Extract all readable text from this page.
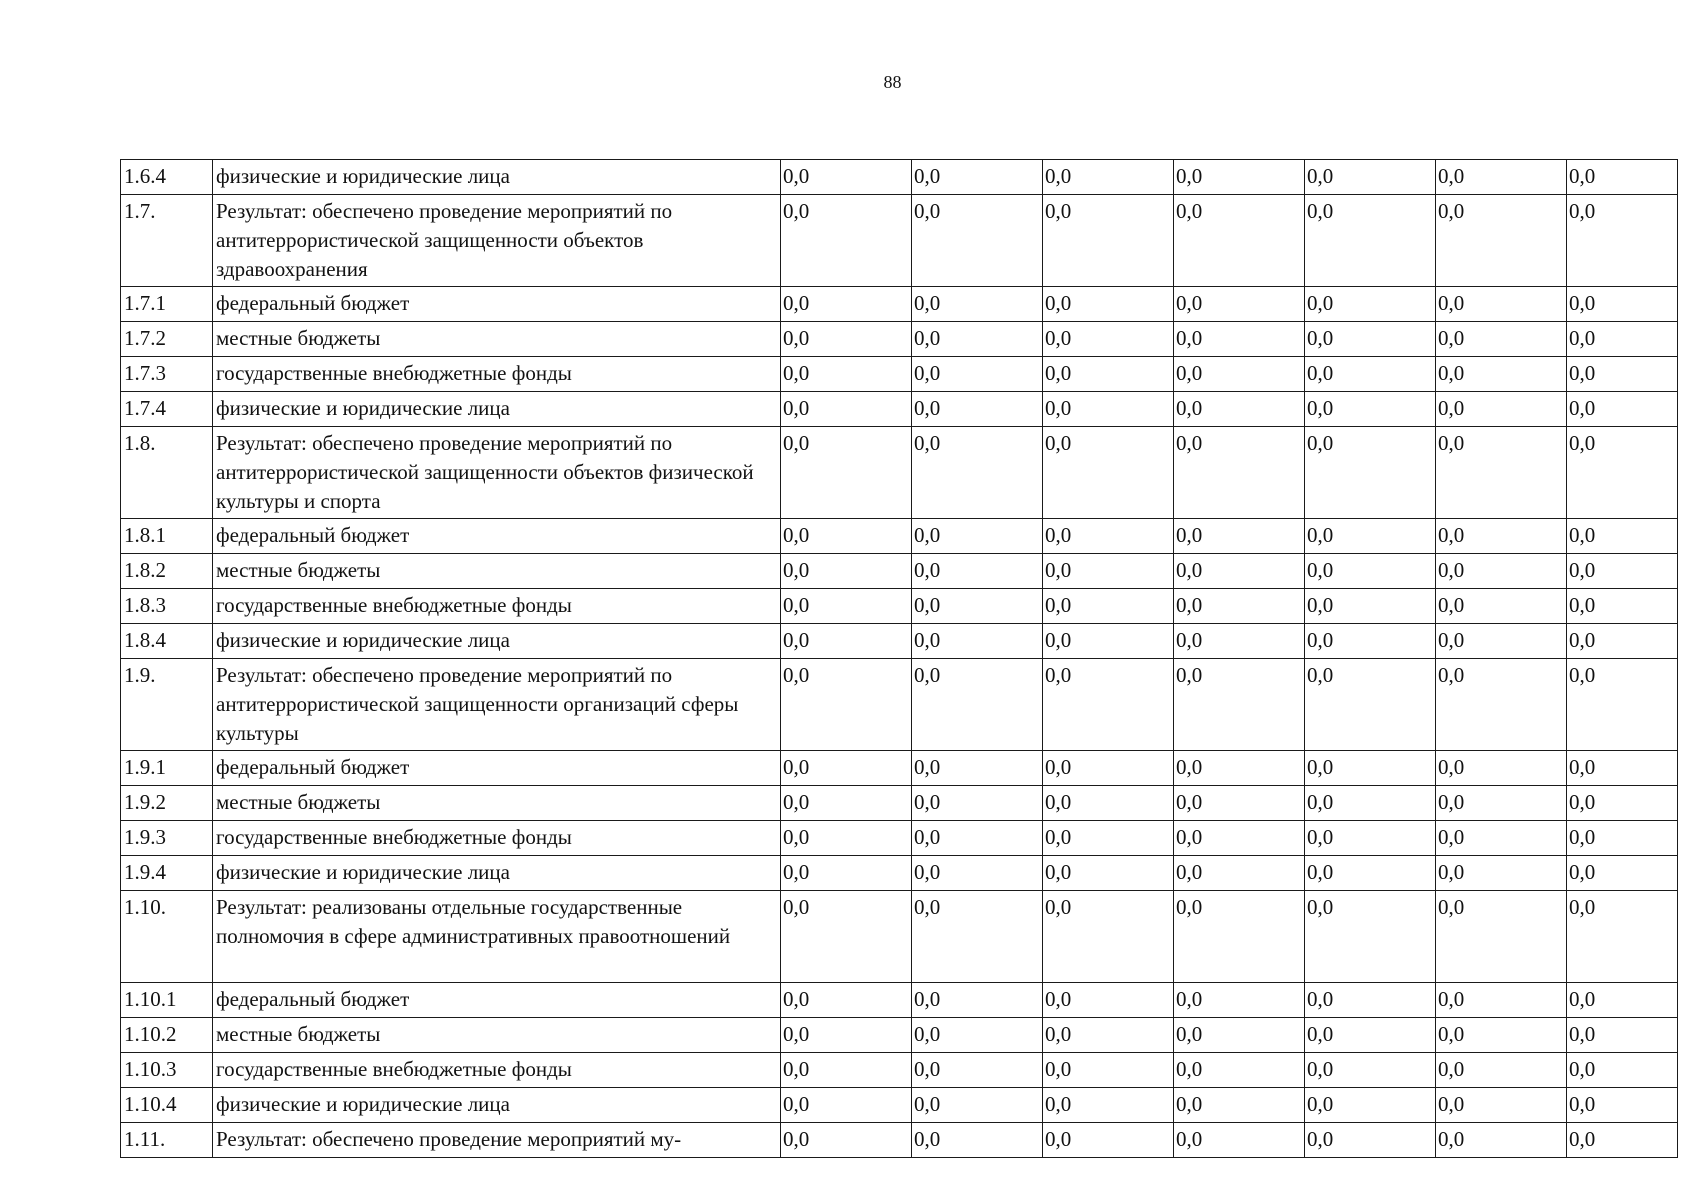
88
1.6.4	физические и юридические лица	0,0	0,0	0,0	0,0	0,0	0,0	0,0
1.7.	Результат: обеспечено проведение мероприятий по антитеррористической защищенности объектов здравоохранения	0,0	0,0	0,0	0,0	0,0	0,0	0,0
1.7.1	федеральный бюджет	0,0	0,0	0,0	0,0	0,0	0,0	0,0
1.7.2	местные бюджеты	0,0	0,0	0,0	0,0	0,0	0,0	0,0
1.7.3	государственные внебюджетные фонды	0,0	0,0	0,0	0,0	0,0	0,0	0,0
1.7.4	физические и юридические лица	0,0	0,0	0,0	0,0	0,0	0,0	0,0
1.8.	Результат: обеспечено проведение мероприятий по антитеррористической защищенности объектов физической культуры и спорта	0,0	0,0	0,0	0,0	0,0	0,0	0,0
1.8.1	федеральный бюджет	0,0	0,0	0,0	0,0	0,0	0,0	0,0
1.8.2	местные бюджеты	0,0	0,0	0,0	0,0	0,0	0,0	0,0
1.8.3	государственные внебюджетные фонды	0,0	0,0	0,0	0,0	0,0	0,0	0,0
1.8.4	физические и юридические лица	0,0	0,0	0,0	0,0	0,0	0,0	0,0
1.9.	Результат: обеспечено проведение мероприятий по антитеррористической защищенности организаций сферы культуры	0,0	0,0	0,0	0,0	0,0	0,0	0,0
1.9.1	федеральный бюджет	0,0	0,0	0,0	0,0	0,0	0,0	0,0
1.9.2	местные бюджеты	0,0	0,0	0,0	0,0	0,0	0,0	0,0
1.9.3	государственные внебюджетные фонды	0,0	0,0	0,0	0,0	0,0	0,0	0,0
1.9.4	физические и юридические лица	0,0	0,0	0,0	0,0	0,0	0,0	0,0
1.10.	Результат: реализованы отдельные государственные полномочия в сфере административных правоотношений	0,0	0,0	0,0	0,0	0,0	0,0	0,0
1.10.1	федеральный бюджет	0,0	0,0	0,0	0,0	0,0	0,0	0,0
1.10.2	местные бюджеты	0,0	0,0	0,0	0,0	0,0	0,0	0,0
1.10.3	государственные внебюджетные фонды	0,0	0,0	0,0	0,0	0,0	0,0	0,0
1.10.4	физические и юридические лица	0,0	0,0	0,0	0,0	0,0	0,0	0,0
1.11.	Результат: обеспечено проведение мероприятий му-	0,0	0,0	0,0	0,0	0,0	0,0	0,0
